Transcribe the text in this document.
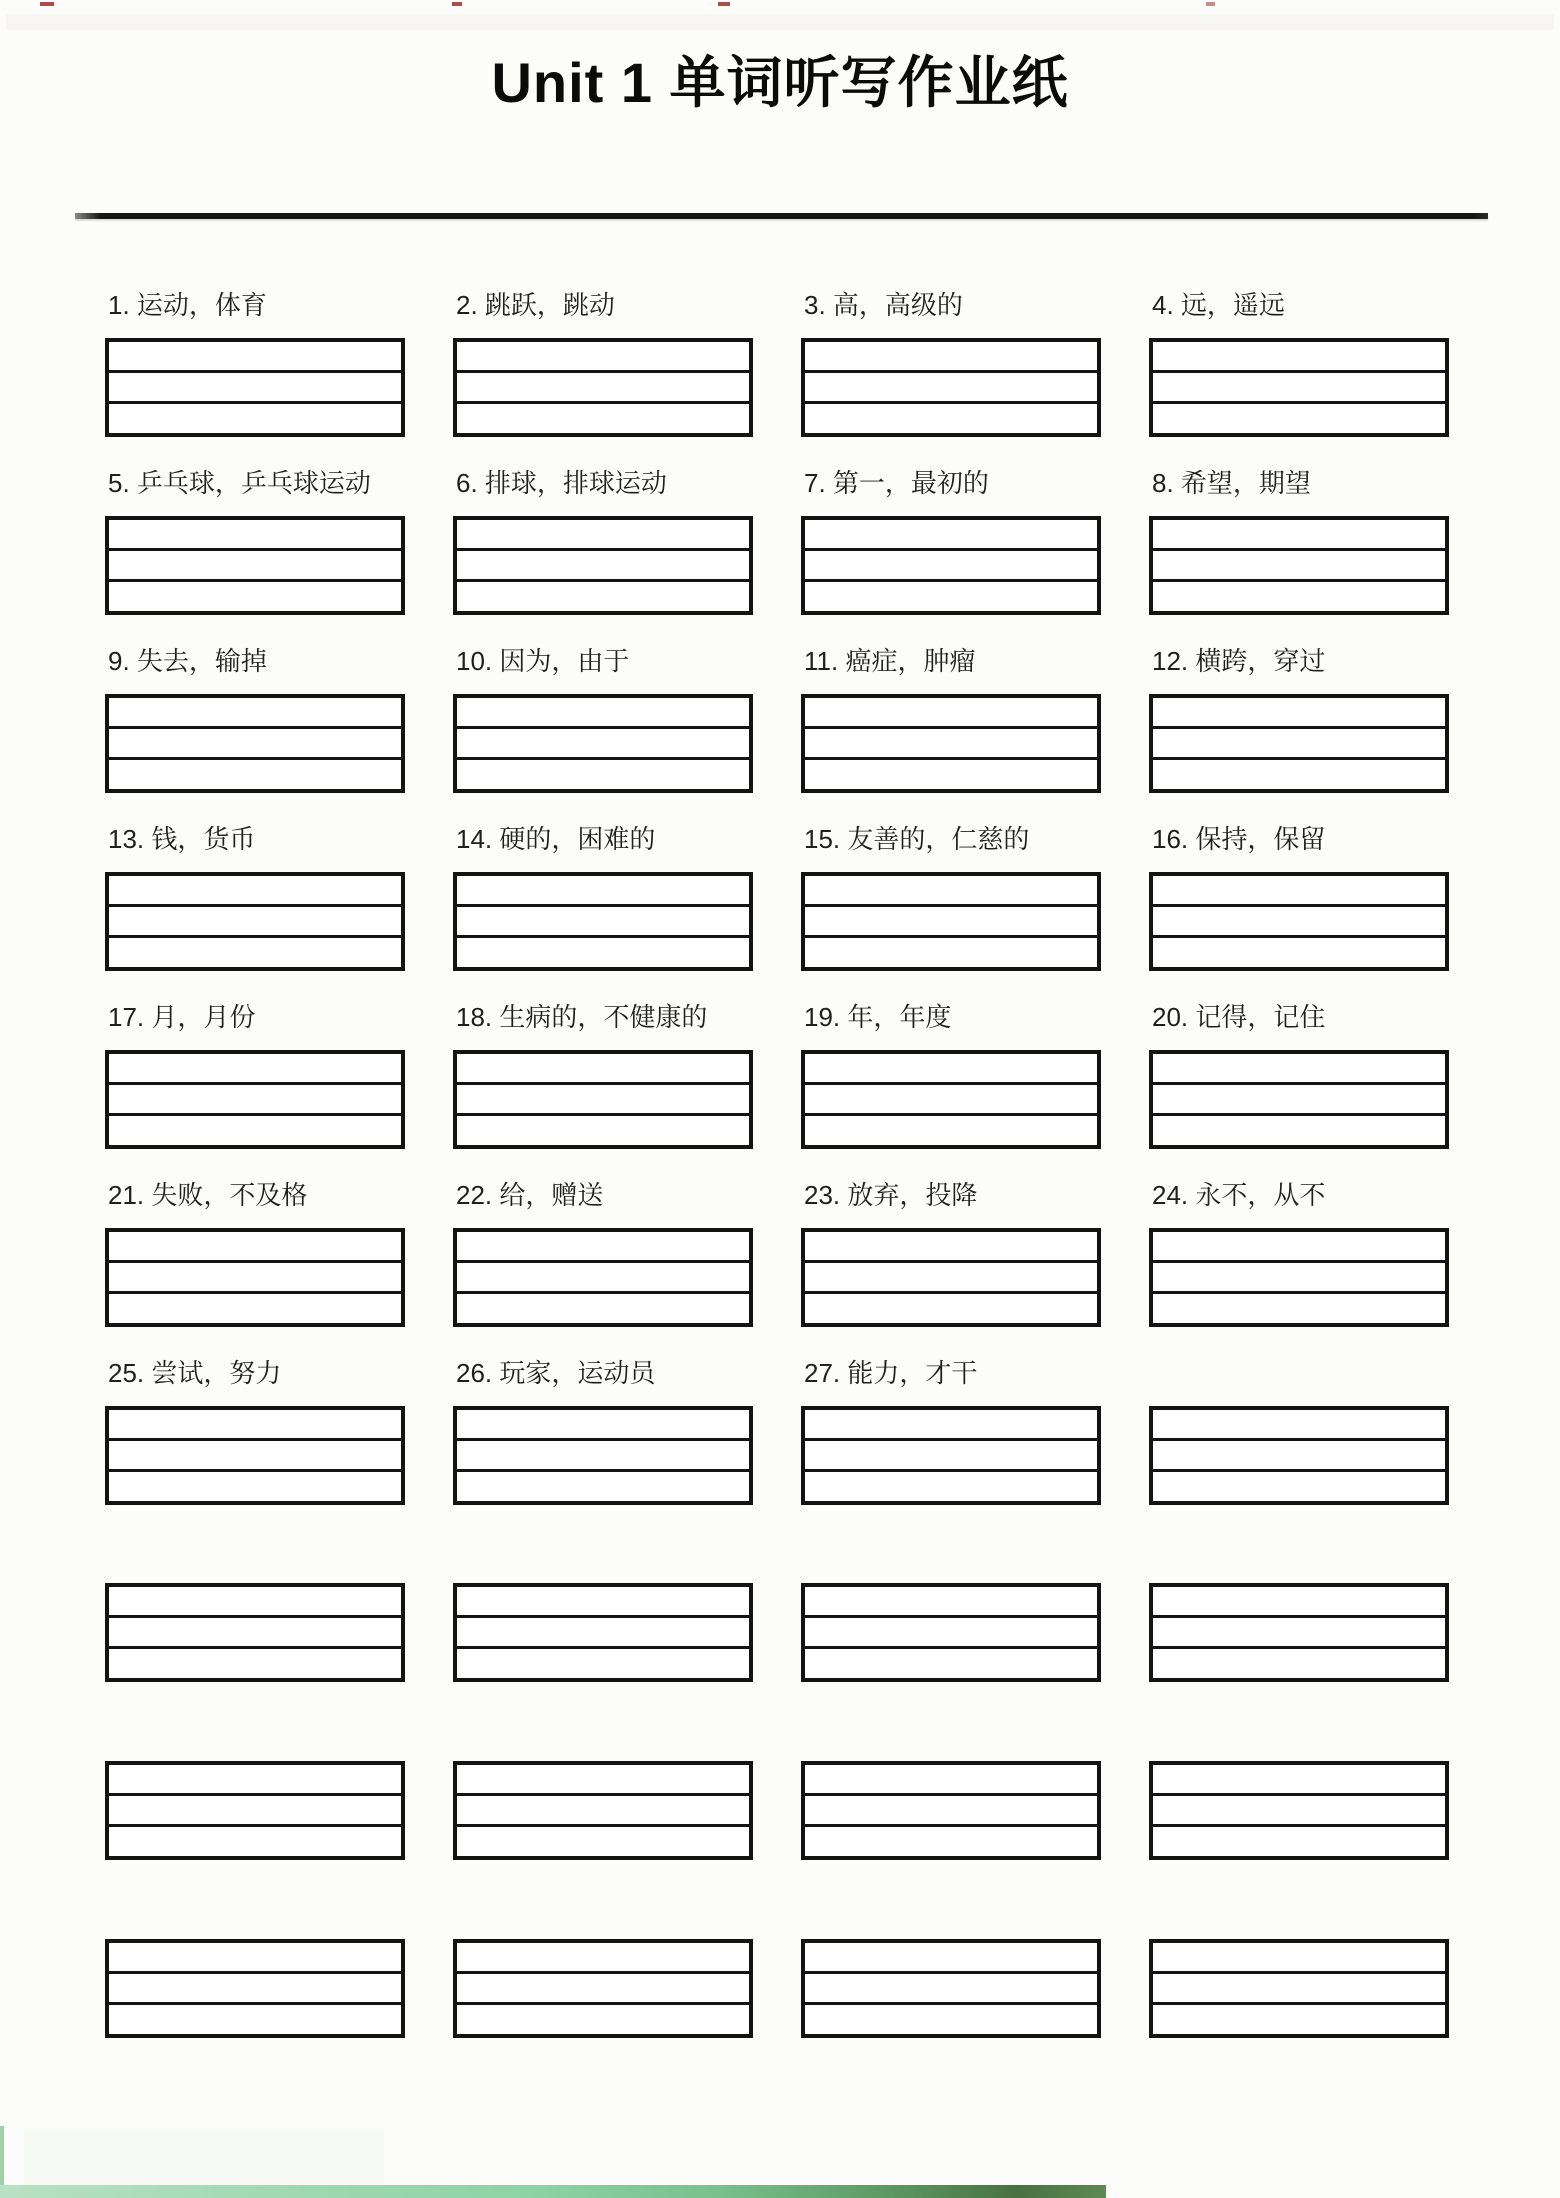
Unit 1 单词听写作业纸
1. 运动，体育	2. 跳跃，跳动	3. 高，高级的	4. 远，遥远
5. 乒乓球，乒乓球运动	6. 排球，排球运动	7. 第一，最初的	8. 希望，期望
9. 失去，输掉	10. 因为，由于	11. 癌症，肿瘤	12. 横跨，穿过
13. 钱，货币	14. 硬的，困难的	15. 友善的，仁慈的	16. 保持，保留
17. 月，月份	18. 生病的，不健康的	19. 年，年度	20. 记得，记住
21. 失败，不及格	22. 给，赠送	23. 放弃，投降	24. 永不，从不
25. 尝试，努力	26. 玩家，运动员	27. 能力，才干
